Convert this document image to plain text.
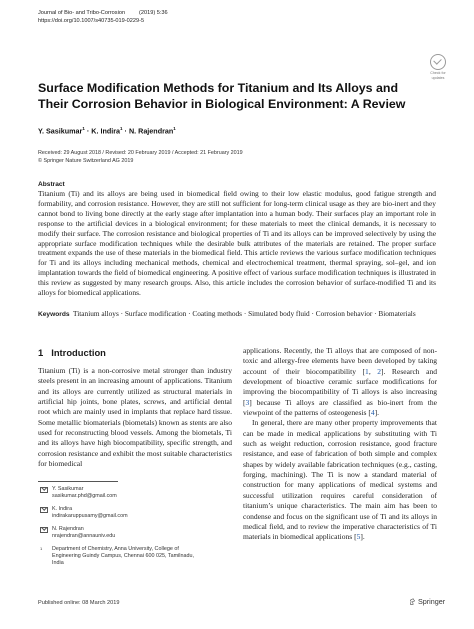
Journal of Bio- and Tribo-Corrosion         (2019) 5:36
https://doi.org/10.1007/s40735-019-0229-5
Check for
updates
Surface Modification Methods for Titanium and Its Alloys and Their Corrosion Behavior in Biological Environment: A Review
Y. Sasikumar$^1$ · K. Indira$^1$ · N. Rajendran$^1$
Received: 29 August 2018 / Revised: 20 February 2019 / Accepted: 21 February 2019
© Springer Nature Switzerland AG 2019
Abstract
Titanium (Ti) and its alloys are being used in biomedical field owing to their low elastic modulus, good fatigue strength and formability, and corrosion resistance. However, they are still not sufficient for long-term clinical usage as they are bio-inert and they cannot bond to living bone directly at the early stage after implantation into a human body. Their surfaces play an important role in response to the artificial devices in a biological environment; for these materials to meet the clinical demands, it is necessary to modify their surface. The corrosion resistance and biological properties of Ti and its alloys can be improved selectively by using the appropriate surface modification techniques while the desirable bulk attributes of the materials are retained. The proper surface treatment expands the use of these materials in the biomedical field. This article reviews the various surface modification techniques for Ti and its alloys including mechanical methods, chemical and electrochemical treatment, thermal spraying, sol–gel, and ion implantation towards the field of biomedical engineering. A positive effect of various surface modification techniques is illustrated in this review as suggested by many research groups. Also, this article includes the corrosion behavior of surface-modified Ti and its alloys for biomedical applications.
Keywords Titanium alloys · Surface modification · Coating methods · Simulated body fluid · Corrosion behavior · Biomaterials
1 Introduction

Titanium (Ti) is a non-corrosive metal stronger than industry steels present in an increasing amount of applications. Titanium and its alloys are currently utilized as structural materials in artificial hip joints, bone plates, screws, and artificial dental root which are mainly used in implants that replace hard tissue. Some metallic biomaterials (biometals) known as stents are also used for reconstructing blood vessels. Among the biometals, Ti and its alloys have high biocompatibility, specific strength, and corrosion resistance and exhibit the most suitable characteristics for biomedical

applications. Recently, the Ti alloys that are composed of non-toxic and allergy-free elements have been developed by taking account of their biocompatibility [1, 2]. Research and development of bioactive ceramic surface modifications for improving the biocompatibility of Ti alloys is also increasing [3] because Ti alloys are classified as bio-inert from the viewpoint of the patterns of osteogenesis [4].

In general, there are many other property improvements that can be made in medical applications by substituting with Ti such as weight reduction, corrosion resistance, good fracture resistance, and ease of fabrication of both simple and complex shapes by widely available fabrication techniques (e.g., casting, forging, machining). The Ti is now a standard material of construction for many applications of medical systems and successful utilization requires careful consideration of titanium’s unique characteristics. The main aim has been to condense and focus on the significant use of Ti and its alloys in medical field, and to review the imperative characteristics of Ti materials in biomedical applications [5].

Y. Sasikumar
sasikumar.phd@gmail.com
K. Indira
indirakaruppusamy@gmail.com
N. Rajendran
nrajendran@annauniv.edu
1 Department of Chemistry, Anna University, College of
Engineering Guindy Campus, Chennai 600 025, Tamilnadu,
India
Published online: 08 March 2019	Springer
